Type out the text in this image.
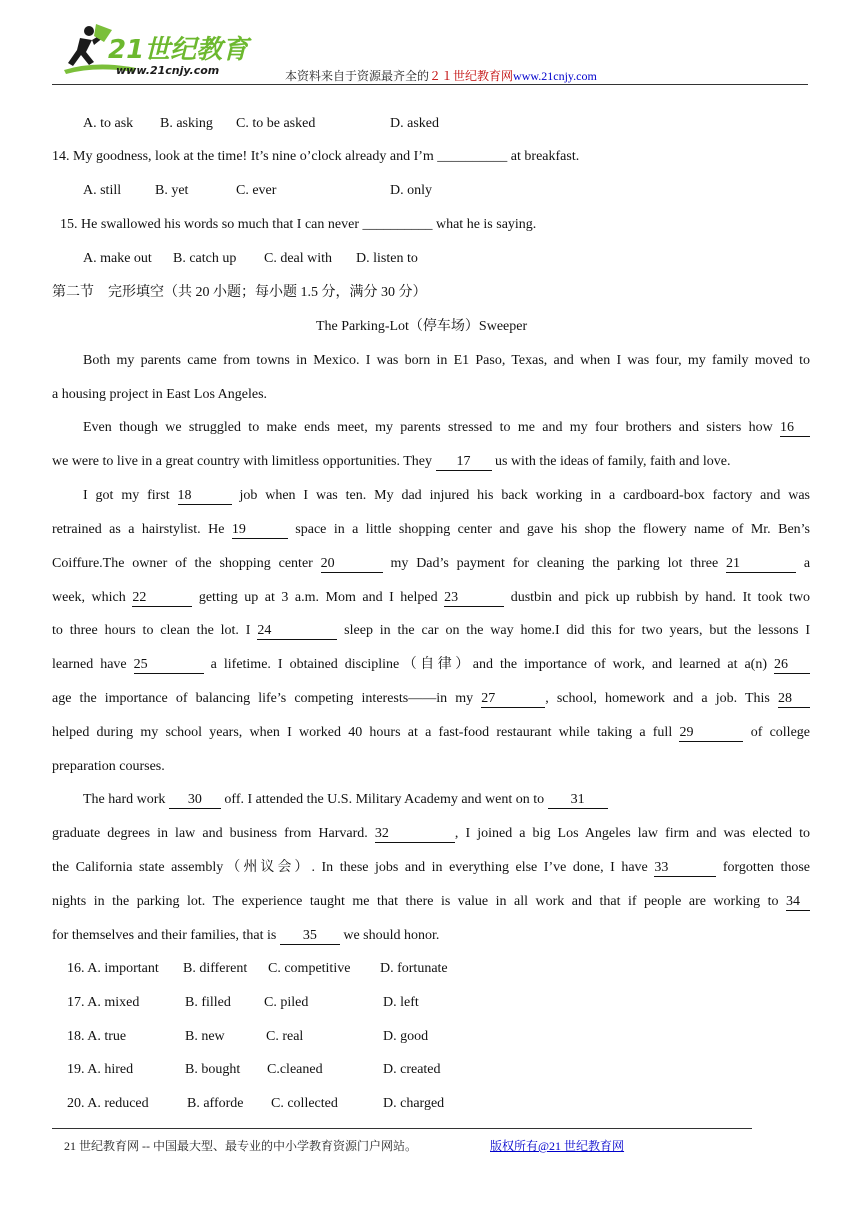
21世纪教育
www.21cnjy.com	本资料来自于资源最齐全的２１世纪教育网www.21cnjy.com
A. to ask B. asking C. to be asked	D. asked
14. My goodness, look at the time! It’s nine o’clock already and I’m __________ at breakfast.
A. still B. yet	C. ever	D. only
15. He swallowed his words so much that I can never __________ what he is saying.
A. make out B. catch up C. deal with D. listen to
第二节　完形填空（共 20 小题；每小题 1.5 分，满分 30 分）
The Parking-Lot（停车场）Sweeper
Both my parents came from towns in Mexico. I was born in E1 Paso, Texas, and when I was four, my family moved to
a housing project in East Los Angeles.
Even though we struggled to make ends meet, my parents stressed to me and my four brothers and sisters how 16
we were to live in a great country with limitless opportunities. They 17 us with the ideas of family, faith and love.
I got my first 18	job when I was ten. My dad injured his back working in a cardboard-box factory and was
retrained as a hairstylist. He 19	space in a little shopping center and gave his shop the flowery name of Mr. Ben’s
Coiffure.The owner of the shopping center 20	my Dad’s payment for cleaning the parking lot three 21	a
week, which 22	getting up at 3 a.m. Mom and I helped 23	dustbin and pick up rubbish by hand. It took two
to three hours to clean the lot. I 24	sleep in the car on the way home.I did this for two years, but the lessons I
learned have 25	a lifetime. I obtained discipline（自律）and the importance of work, and learned at a(n) 26
age the importance of balancing life’s competing interests——in my 27	, school, homework and a job. This 28
helped during my school years, when I worked 40 hours at a fast-food restaurant while taking a full 29	of college
preparation courses.
The hard work 30 off. I attended the U.S. Military Academy and went on to 31
graduate degrees in law and business from Harvard. 32	, I joined a big Los Angeles law firm and was elected to
the California state assembly（州议会）. In these jobs and in everything else I’ve done, I have 33	forgotten those
nights in the parking lot. The experience taught me that there is value in all work and that if people are working to 34
for themselves and their families, that is 35 we should honor.
16. A. important B. different C. competitive D. fortunate
17. A. mixed	B. filled C. piled	D. left
18. A. true	B. new	C. real	D. good
19. A. hired	B. bought C.cleaned	D. created
20. A. reduced	B. afforde C. collected	D. charged
21 世纪教育网 -- 中国最大型、最专业的中小学教育资源门户网站。	版权所有@21 世纪教育网
